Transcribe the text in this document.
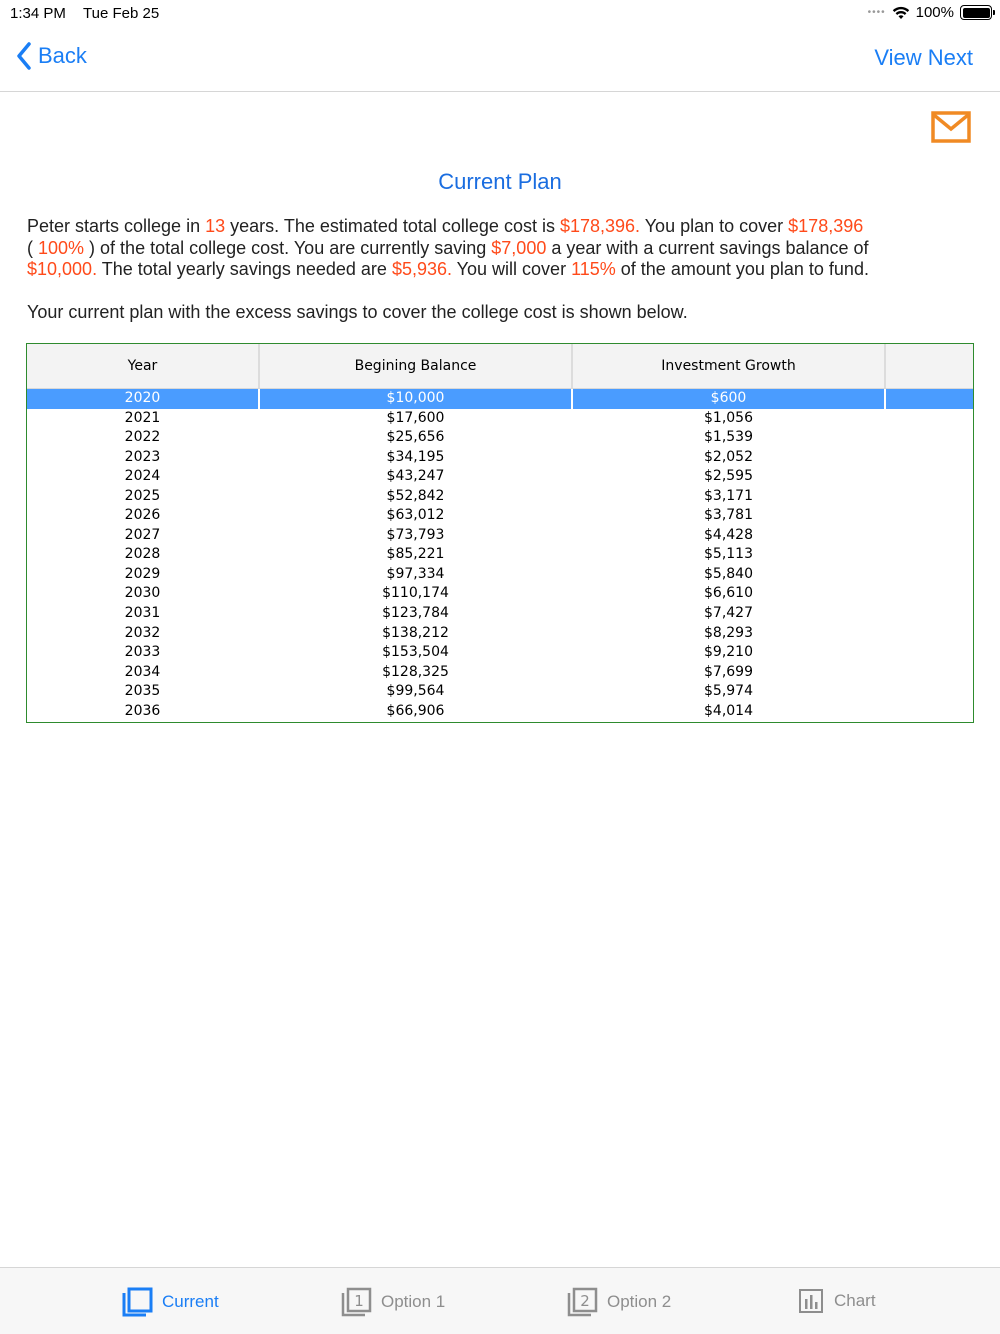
1:34 PM Tue Feb 25	•••• 100%
Back	View Next
Current Plan

Peter starts college in 13 years. The estimated total college cost is $178,396. You plan to cover $178,396
( 100% ) of the total college cost. You are currently saving $7,000 a year with a current savings balance of
$10,000. The total yearly savings needed are $5,936. You will cover 115% of the amount you plan to fund.

Your current plan with the excess savings to cover the college cost is shown below.

Year	Begining Balance	Investment Growth
2020	$10,000	$600
2021	$17,600	$1,056
2022	$25,656	$1,539
2023	$34,195	$2,052
2024	$43,247	$2,595
2025	$52,842	$3,171
2026	$63,012	$3,781
2027	$73,793	$4,428
2028	$85,221	$5,113
2029	$97,334	$5,840
2030	$110,174	$6,610
2031	$123,784	$7,427
2032	$138,212	$8,293
2033	$153,504	$9,210
2034	$128,325	$7,699
2035	$99,564	$5,974
2036	$66,906	$4,014
Current	1 Option 1	2 Option 2	Chart
